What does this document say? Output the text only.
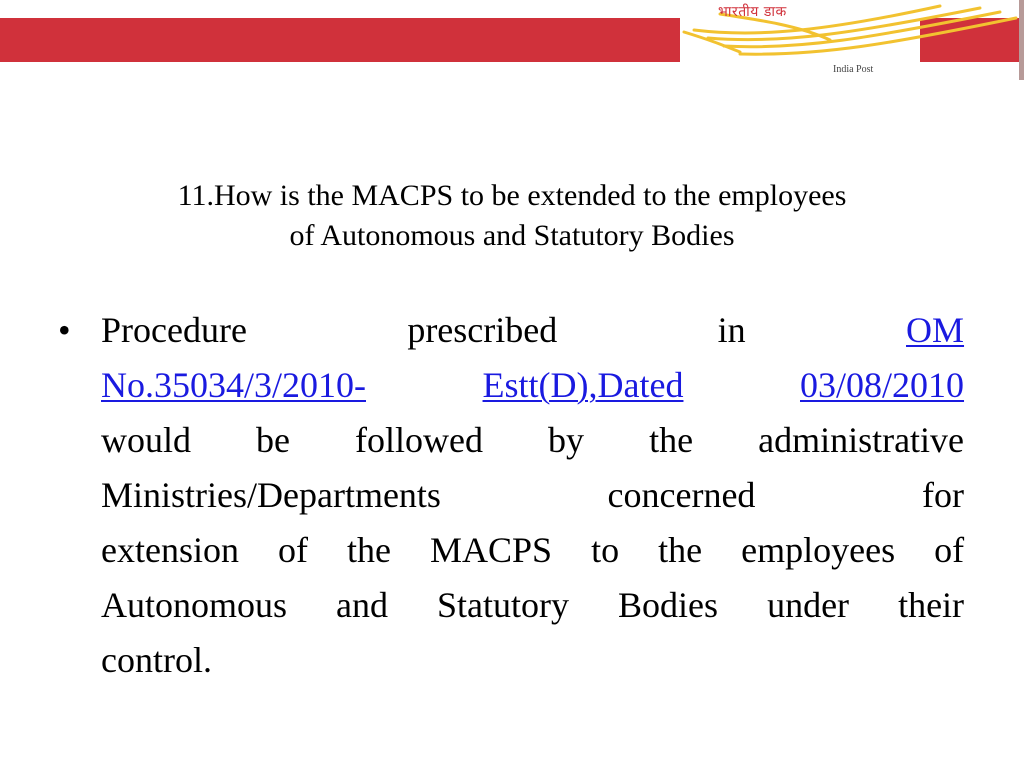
भारतीय डाक
India Post
11.How is the MACPS to be extended to the employees
of Autonomous and Statutory Bodies
• Procedure	prescribed	in	OM
No.35034/3/2010-	Estt(D),Dated	03/08/2010
would be followed by the administrative
Ministries/Departments	concerned	for
extension of the MACPS to the employees of
Autonomous and Statutory Bodies under their
control.
